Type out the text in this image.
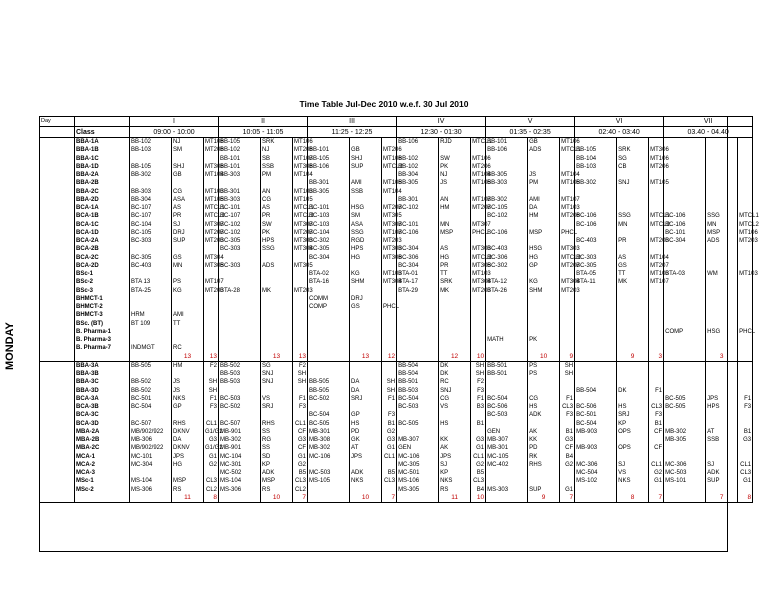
Time Table Jul-Dec 2010 w.e.f. 30 Jul 2010
MONDAY
Day		I			II			III			IV			V			VI			VII		
	Class	09:00 - 10:00			10:05 - 11:05			11:25 - 12:25			12:30 - 01:30			01:35 - 02:35			02:40 - 03:40			03.40 - 04.40		
	BBA-1A	BB-102	NJ	MT106	BB-105	SRK	MT106				BB-106	RJD	MTCL1	BB-101	GB	MT106						
	BBA-1B	BB-103	SM	MT206	BB-102	NJ	MT206	BB-101	GB	MT206				BB-106	ADS	MTCL1	BB-105	SRK	MT306			
	BBA-1C				BB-101	SB	MT107	BB-105	SHJ	MT106	BB-102	SW	MT106				BB-104	SG	MT106			
	BBA-1D	BB-105	SHJ	MT306	BB-101	SSB	MT306	BB-106	SUP	MTCL2	BB-102	PK	MT206				BB-103	CB	MT206			
	BBA-2A	BB-302	GB	MT104	BB-303	PM	MT104				BB-304	NJ	MT104	BB-305	JS	MT104						
	BBA-2B							BB-301	AMI	MT105	BB-305	JS	MT105	BB-303	PM	MT105	BB-302	SNJ	MT105			
	BBA-2C	BB-303	CG	MT103	BB-301	AN	MT103	BB-305	SSB	MT104												
	BBA-2D	BB-304	ASA	MT105	BB-303	CG	MT105				BB-301	AN	MT107	BB-302	AMI	MT107						
	BCA-1A	BC-107	AS	MTCL1	BC-101	AS	MTCL1	BC-101	HSG	MT207	BC-102	HM	MT207	BC-105	DA	MT103						
	BCA-1B	BC-107	PR	MTCL2	BC-107	PR	MTCL2	BC-103	SM	MT305				BC-102	HM	MT206	BC-106	SSG	MTCL1	BC-106	SSG	MTCL1
	BCA-1C	BC-104	SJ	MT307	BC-102	SW	MT307	BC-103	ASA	MT307	BC-101	MN	MT307				BC-106	MN	MTCL2	BC-106	MN	MTCL2
	BCA-1D	BC-105	DRJ	MT207	BC-102	PK	MT207	BC-104	SSG	MT107	BC-106	MSP	PHCL	BC-106	MSP	PHCL				BC-101	MSP	MT106
	BCA-2A	BC-303	SUP	MT203	BC-305	HPS	MT303	BC-302	RGD	MT203							BC-403	PR	MT203	BC-304	ADS	MT203
	BCA-2B				BC-303	SSG	MT304	BC-305	HPS	MT303	BC-304	AS	MT303	BC-403	HSG	MT303						
	BCA-2C	BC-305	GS	MT304				BC-304	HG	MT306	BC-306	HG	MTCL2	BC-306	HG	MTCL2	BC-303	AS	MT104			
	BCA-2D	BC-403	MN	MT305	BC-303	ADS	MT305				BC-304	PR	MT305	BC-302	GP	MT207	BC-305	GS	MT207			
	BSc-1							BTA-02	KG	MT103	BTA-01	TT	MT103				BTA-05	TT	MT103	BTA-03	WM	MT103
	BSc-2	BTA 13	PS	MT107				BTA-16	SHM	MT304	BTA-17	SRK	MT304	BTA-12	KG	MT304	BTA-11	MK	MT107			
	BSc-3	BTA-25	KG	MT203	BTA-28	MK	MT203				BTA-29	MK	MT203	BTA-26	SHM	MT203						
	BHMCT-1							COMM	DRJ													
	BHMCT-2							COMP	GS	PHCL												
	BHMCT-3	HRM	AMI																			
	BSc. (BT)	BT 109	TT																			
	B. Pharma-1																			COMP	HSG	PHCL
	B. Pharma-3													MATH	PK							
	B. Pharma-7	INDMGT	RC																			
			13	13		13	13		13	12		12	10		10	9		9	3		3	
	BBA-3A	BB-505	HM	F2	BB-502	SG	F2				BB-504	DK	SH	BB-501	PS	SH						
	BBA-3B				BB-503	SNJ	SH				BB-504	DK	SH	BB-501	PS	SH						
	BBA-3C	BB-502	JS	SH	BB-503	SNJ	SH	BB-505	DA	SH	BB-501	RC	F2									
	BBA-3D	BB-502	JS	SH				BB-505	DA	SH	BB-503	SNJ	F3				BB-504	DK	F1			
	BCA-3A	BC-501	NKS	F1	BC-503	VS	F1	BC-502	SRJ	F1	BC-504	CG	F1	BC-504	CG	F1				BC-505	JPS	F1
	BCA-3B	BC-504	GP	F3	BC-502	SRJ	F3				BC-503	VS	B3	BC-506	HS	CL3	BC-506	HS	CL3	BC-505	HPS	F3
	BCA-3C							BC-504	GP	F3				BC-503	ADK	F3	BC-501	SRJ	F3			
	BCA-3D	BC-507	RHS	CL1	BC-507	RHS	CL1	BC-505	HS	B1	BC-505	HS	B1				BC-504	KP	B1			
	MBA-2A	MB/902/922	DKNV	G1/G2	MB-901	SS	CF	MB-301	PD	G2				GEN	AK	B1	MB-903	OPS	CF	MB-302	AT	B1
	MBA-2B	MB-306	DA	G3	MB-302	RG	G3	MB-308	GK	G3	MB-307	KK	G3	MB-307	KK	G3				MB-305	SSB	G3
	MBA-2C	MB/902/922	DKNV	G1/G2	MB-901	SS	CF	MB-302	AT	G1	GEN	AK	G1	MB-301	PD	CF	MB-903	OPS	CF			
	MCA-1	MC-101	JPS	G1	MC-104	SD	G1	MC-106	JPS	CL1	MC-106	JPS	CL1	MC-105	RK	B4						
	MCA-2	MC-304	HG	G2	MC-301	KP	G2				MC-305	SJ	G2	MC-402	RHS	G2	MC-306	SJ	CL1	MC-306	SJ	CL1
	MCA-3				MC-502	ADK	B5	MC-503	ADK	B5	MC-501	KP	B5				MC-504	VS	G2	MC-503	ADK	CL3
	MSc-1	MS-104	MSP	CL3	MS-104	MSP	CL3	MS-105	NKS	CL3	MS-106	NKS	CL3				MS-102	NKS	G1	MS-101	SUP	G1
	MSc-2	MS-306	RS	CL2	MS-306	RS	CL2				MS-305	RS	B4	MS-303	SUP	G1						
			11	8		10	7		10	7		11	10		9	7		8	7		7	8
